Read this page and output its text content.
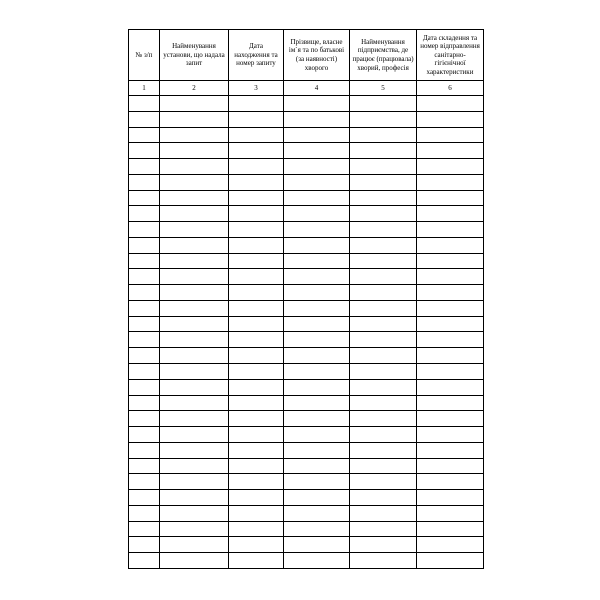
№ з/п	Найменування установи, що надала запит	Дата находження та номер запиту	Прізвище, власне ім`я та по батькові (за наявності) хворого	Найменування підприємства, де працює (працювала) хворий, професія	Дата складення та номер відправлення санітарно-гігієнічної характеристики

1	2	3	4	5	6
